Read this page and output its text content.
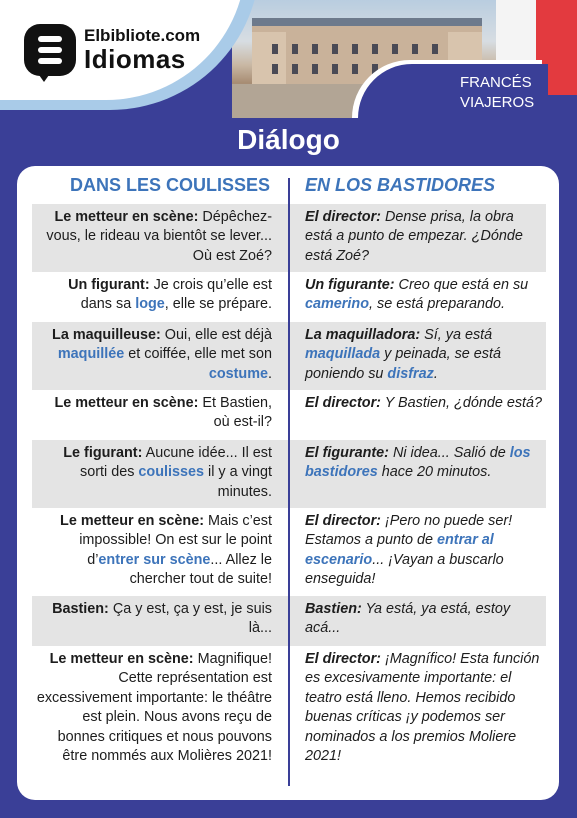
Elbibliote.com
Idiomas
FRANCÉS
VIAJEROS
Diálogo
DANS LES COULISSES EN LOS BASTIDORES
Le metteur en scène: Dépêchez-vous, le rideau va bientôt se lever... Où est Zoé?
El director: Dense prisa, la obra está a punto de empezar. ¿Dónde está Zoé?
Un figurant: Je crois qu’elle est dans sa loge, elle se prépare.
Un figurante: Creo que está en su camerino, se está preparando.
La maquilleuse: Oui, elle est déjà maquillée et coiffée, elle met son costume.
La maquilladora: Sí, ya está maquillada y peinada, se está poniendo su disfraz.
Le metteur en scène: Et Bastien, où est-il?
El director: Y Bastien, ¿dónde está?
Le figurant: Aucune idée... Il est sorti des coulisses il y a vingt minutes.
El figurante: Ni idea... Salió de los bastidores hace 20 minutos.
Le metteur en scène: Mais c’est impossible! On est sur le point d’entrer sur scène... Allez le chercher tout de suite!
El director: ¡Pero no puede ser! Estamos a punto de entrar al escenario... ¡Vayan a buscarlo enseguida!
Bastien: Ça y est, ça y est, je suis là...
Bastien: Ya está, ya está, estoy acá...
Le metteur en scène: Magnifique! Cette représentation est excessivement importante: le théâtre est plein. Nous avons reçu de bonnes critiques et nous pouvons être nommés aux Molières 2021!
El director: ¡Magnífico! Esta función es excesivamente importante: el teatro está lleno. Hemos recibido buenas críticas ¡y podemos ser nominados a los premios Moliere 2021!
